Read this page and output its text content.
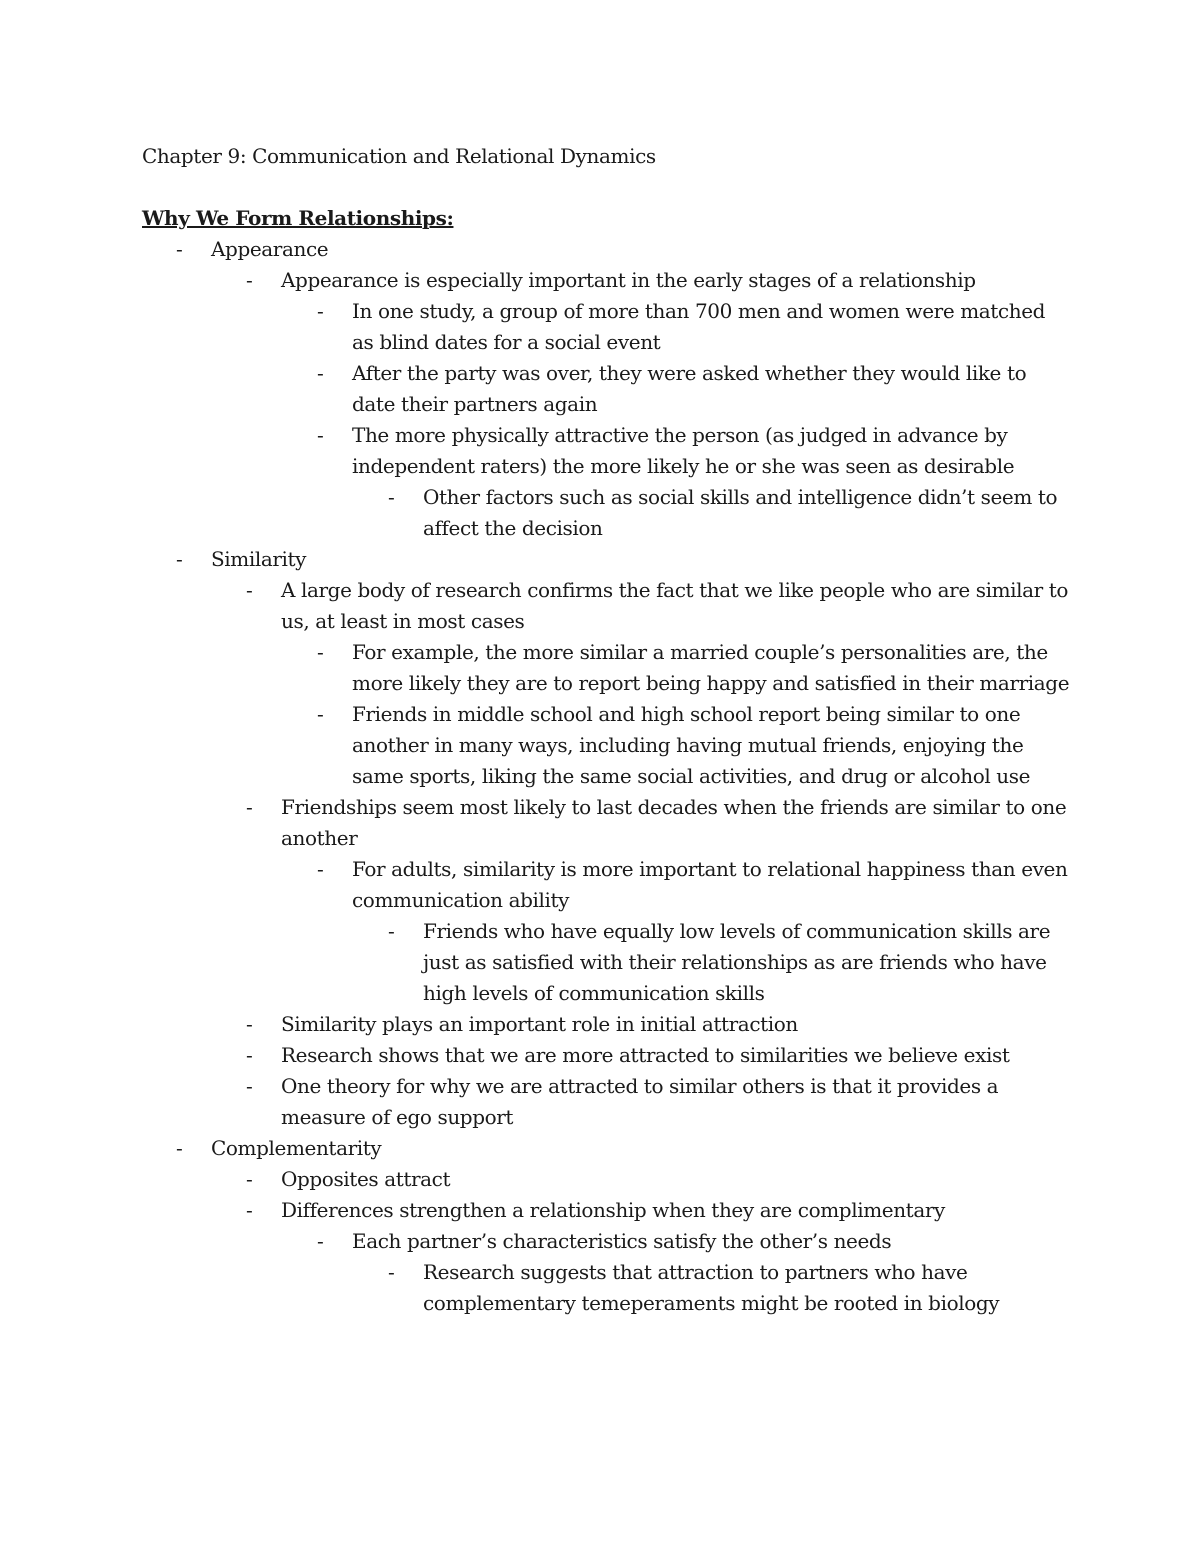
Chapter 9: Communication and Relational Dynamics
Why We Form Relationships:
-	Appearance
-	Appearance is especially important in the early stages of a relationship
-	In one study, a group of more than 700 men and women were matched as blind dates for a social event
-	After the party was over, they were asked whether they would like to date their partners again
-	The more physically attractive the person (as judged in advance by independent raters) the more likely he or she was seen as desirable
-	Other factors such as social skills and intelligence didn’t seem to affect the decision
-	Similarity
-	A large body of research confirms the fact that we like people who are similar to us, at least in most cases
-	For example, the more similar a married couple’s personalities are, the more likely they are to report being happy and satisfied in their marriage
-	Friends in middle school and high school report being similar to one another in many ways, including having mutual friends, enjoying the same sports, liking the same social activities, and drug or alcohol use
-	Friendships seem most likely to last decades when the friends are similar to one another
-	For adults, similarity is more important to relational happiness than even communication ability
-	Friends who have equally low levels of communication skills are just as satisfied with their relationships as are friends who have high levels of communication skills
-	Similarity plays an important role in initial attraction
-	Research shows that we are more attracted to similarities we believe exist
-	One theory for why we are attracted to similar others is that it provides a measure of ego support
-	Complementarity
-	Opposites attract
-	Differences strengthen a relationship when they are complimentary
-	Each partner’s characteristics satisfy the other’s needs
-	Research suggests that attraction to partners who have complementary temeperaments might be rooted in biology
